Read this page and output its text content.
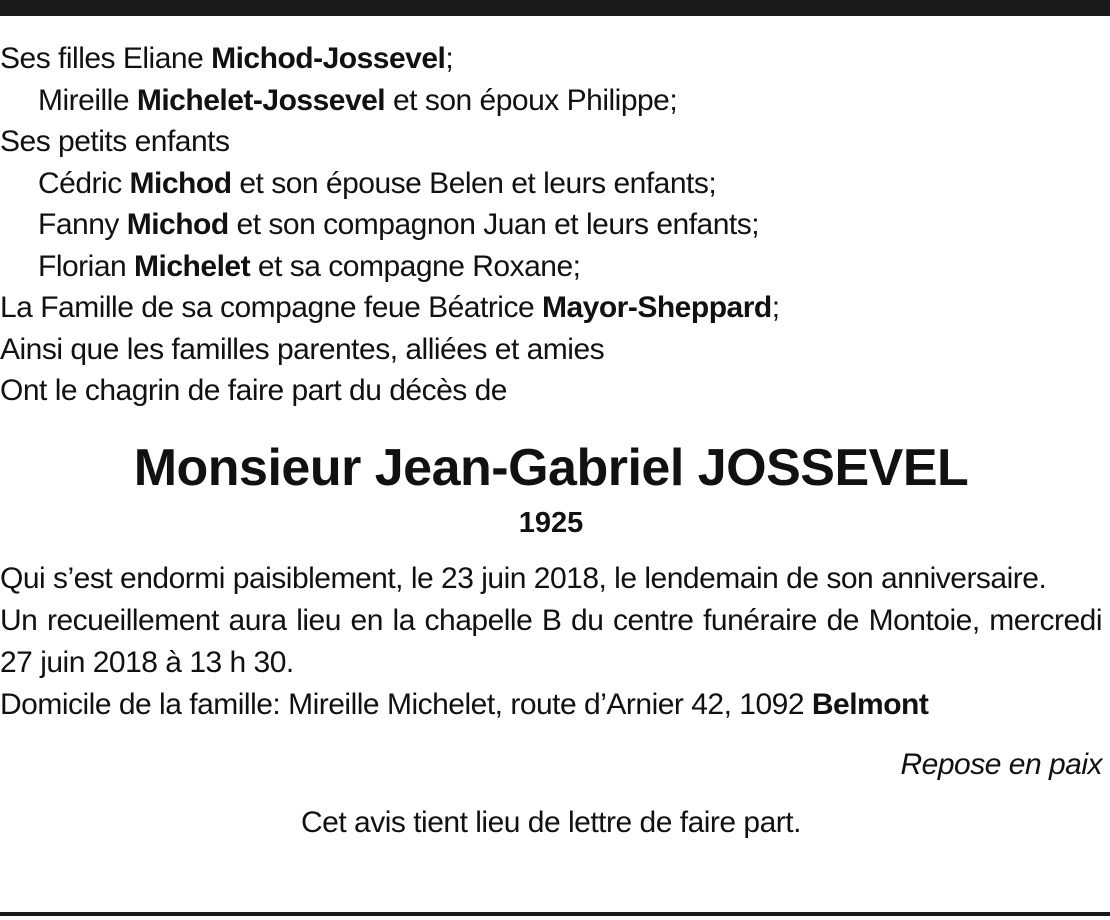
Ses filles Eliane Michod-Jossevel;
Mireille Michelet-Jossevel et son époux Philippe;
Ses petits enfants
Cédric Michod et son épouse Belen et leurs enfants;
Fanny Michod et son compagnon Juan et leurs enfants;
Florian Michelet et sa compagne Roxane;
La Famille de sa compagne feue Béatrice Mayor-Sheppard;
Ainsi que les familles parentes, alliées et amies
Ont le chagrin de faire part du décès de
Monsieur Jean-Gabriel JOSSEVEL
1925
Qui s’est endormi paisiblement, le 23 juin 2018, le lendemain de son anniversaire.
Un recueillement aura lieu en la chapelle B du centre funéraire de Montoie, mercredi 27 juin 2018 à 13 h 30.
Domicile de la famille: Mireille Michelet, route d’Arnier 42, 1092 Belmont
Repose en paix
Cet avis tient lieu de lettre de faire part.
